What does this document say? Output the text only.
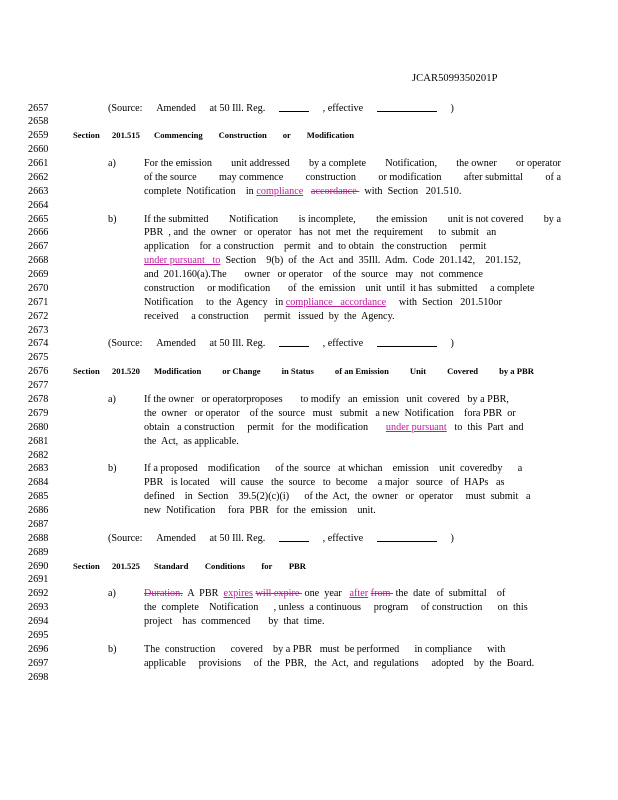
JCAR5099350201P
2657	(Source: Amended at 50 Ill. Reg.	, effective	)
2658
2659	Section 201.515 Commencing Construction or Modification
2660
2661	a)	For the emission unit addressed by a complete Notification, the owner or operator
2662	of the source may commence construction or modification after submittal of a
2663	complete  Notification    in compliance accordance   with  Section   201.510.
2664
2665	b)	If the submitted Notification is incomplete, the emission unit is not covered by a
2666	PBR  , and  the  owner   or  operator   has  not  met  the  requirement      to  submit   an
2667	application    for  a construction    permit   and  to obtain   the construction     permit
2668	under pursuant   to  Section    9(b)  of  the  Act  and  35Ill.  Adm.  Code  201.142,    201.152,
2669	and  201.160(a).The       owner   or operator    of the  source   may   not  commence
2670	construction     or modification       of  the  emission    unit  until  it has  submitted     a complete
2671	Notification     to  the  Agency   in compliance   accordance     with  Section   201.510or
2672	received     a construction      permit   issued  by  the  Agency.
2673
2674	(Source: Amended at 50 Ill. Reg.	, effective	)
2675
2676	Section 201.520 Modification or Change in Status of an Emission Unit Covered by a PBR
2677
2678	a)	If the owner   or operatorproposes       to modify   an  emission   unit  covered   by a PBR,
2679	the  owner   or operator    of the  source   must   submit   a new  Notification    fora PBR  or
2680	obtain   a construction     permit   for  the  modification       under pursuant   to  this  Part  and
2681	the  Act,  as applicable.
2682
2683	b)	If a proposed    modification      of the  source   at whichan    emission    unit  coveredby      a
2684	PBR   is located    will  cause   the  source   to  become    a major   source   of  HAPs   as
2685	defined    in  Section    39.5(2)(c)(i)      of the  Act,  the  owner   or  operator     must  submit   a
2686	new  Notification     fora  PBR   for  the  emission    unit.
2687
2688	(Source: Amended at 50 Ill. Reg.	, effective	)
2689
2690	Section 201.525 Standard Conditions for PBR
2691
2692	a)	Duration.  A  PBR  expires will expire  one  year   after from  the  date  of  submittal    of
2693	the  complete    Notification      , unless  a continuous     program     of construction      on  this
2694	project    has  commenced       by  that  time.
2695
2696	b)	The  construction      covered    by a PBR   must  be performed      in compliance      with
2697	applicable     provisions     of  the  PBR,   the  Act,  and  regulations     adopted    by  the  Board.
2698
